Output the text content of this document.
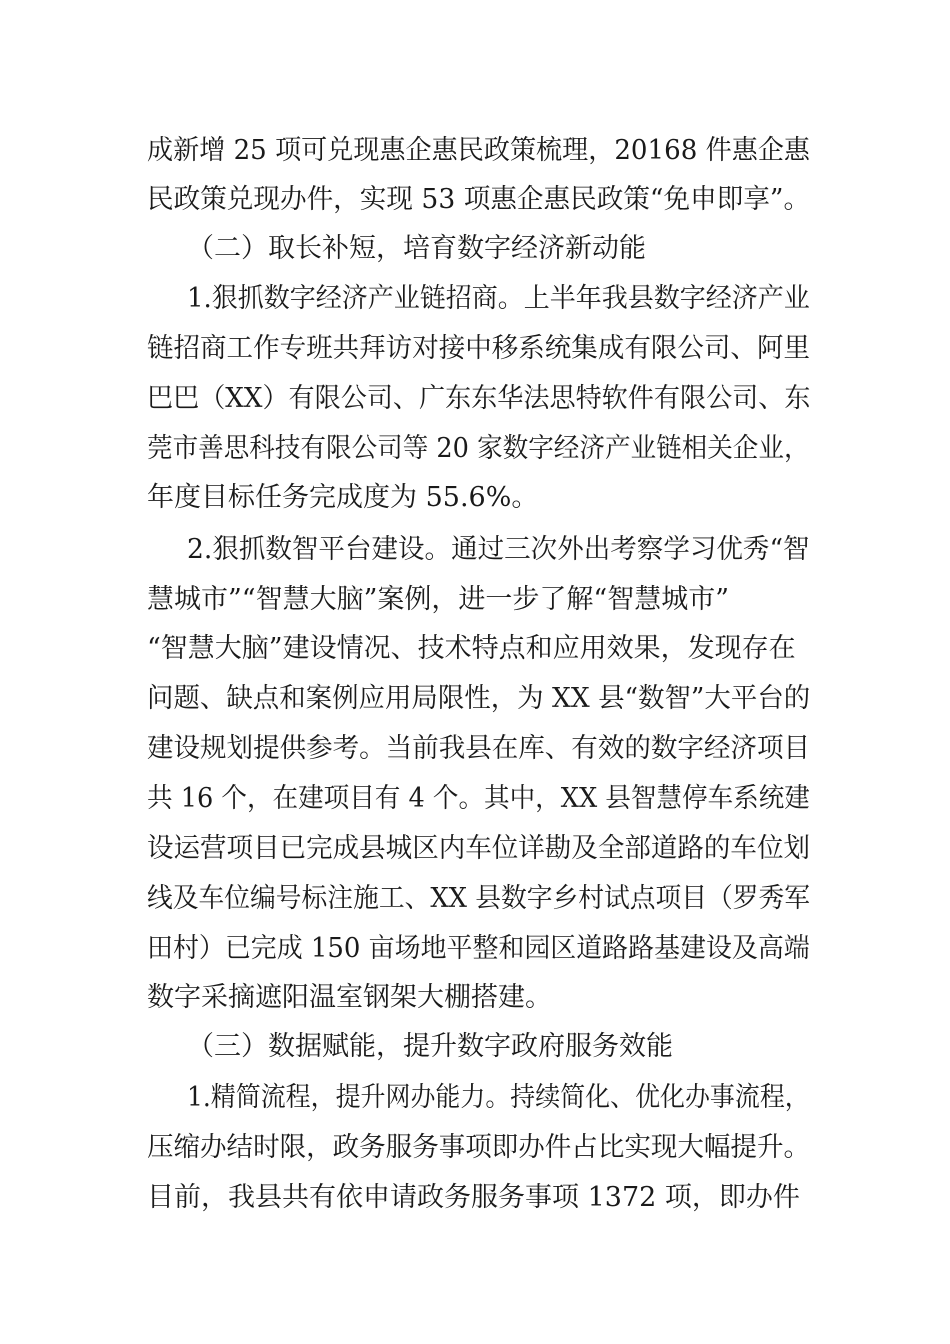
成新增 25 项可兑现惠企惠民政策梳理，20168 件惠企惠
民政策兑现办件，实现 53 项惠企惠民政策“免申即享”。
（二）取长补短，培育数字经济新动能
1.狠抓数字经济产业链招商。上半年我县数字经济产业
链招商工作专班共拜访对接中移系统集成有限公司、阿里
巴巴（XX）有限公司、广东东华法思特软件有限公司、东
莞市善思科技有限公司等 20 家数字经济产业链相关企业，
年度目标任务完成度为 55.6%。
2.狠抓数智平台建设。通过三次外出考察学习优秀“智
慧城市”“智慧大脑”案例，进一步了解“智慧城市”
“智慧大脑”建设情况、技术特点和应用效果，发现存在
问题、缺点和案例应用局限性，为 XX 县“数智”大平台的
建设规划提供参考。当前我县在库、有效的数字经济项目
共 16 个，在建项目有 4 个。其中，XX 县智慧停车系统建
设运营项目已完成县城区内车位详勘及全部道路的车位划
线及车位编号标注施工、XX 县数字乡村试点项目（罗秀军
田村）已完成 150 亩场地平整和园区道路路基建设及高端
数字采摘遮阳温室钢架大棚搭建。
（三）数据赋能，提升数字政府服务效能
1.精简流程，提升网办能力。持续简化、优化办事流程，
压缩办结时限，政务服务事项即办件占比实现大幅提升。
目前，我县共有依申请政务服务事项 1372 项，即办件
